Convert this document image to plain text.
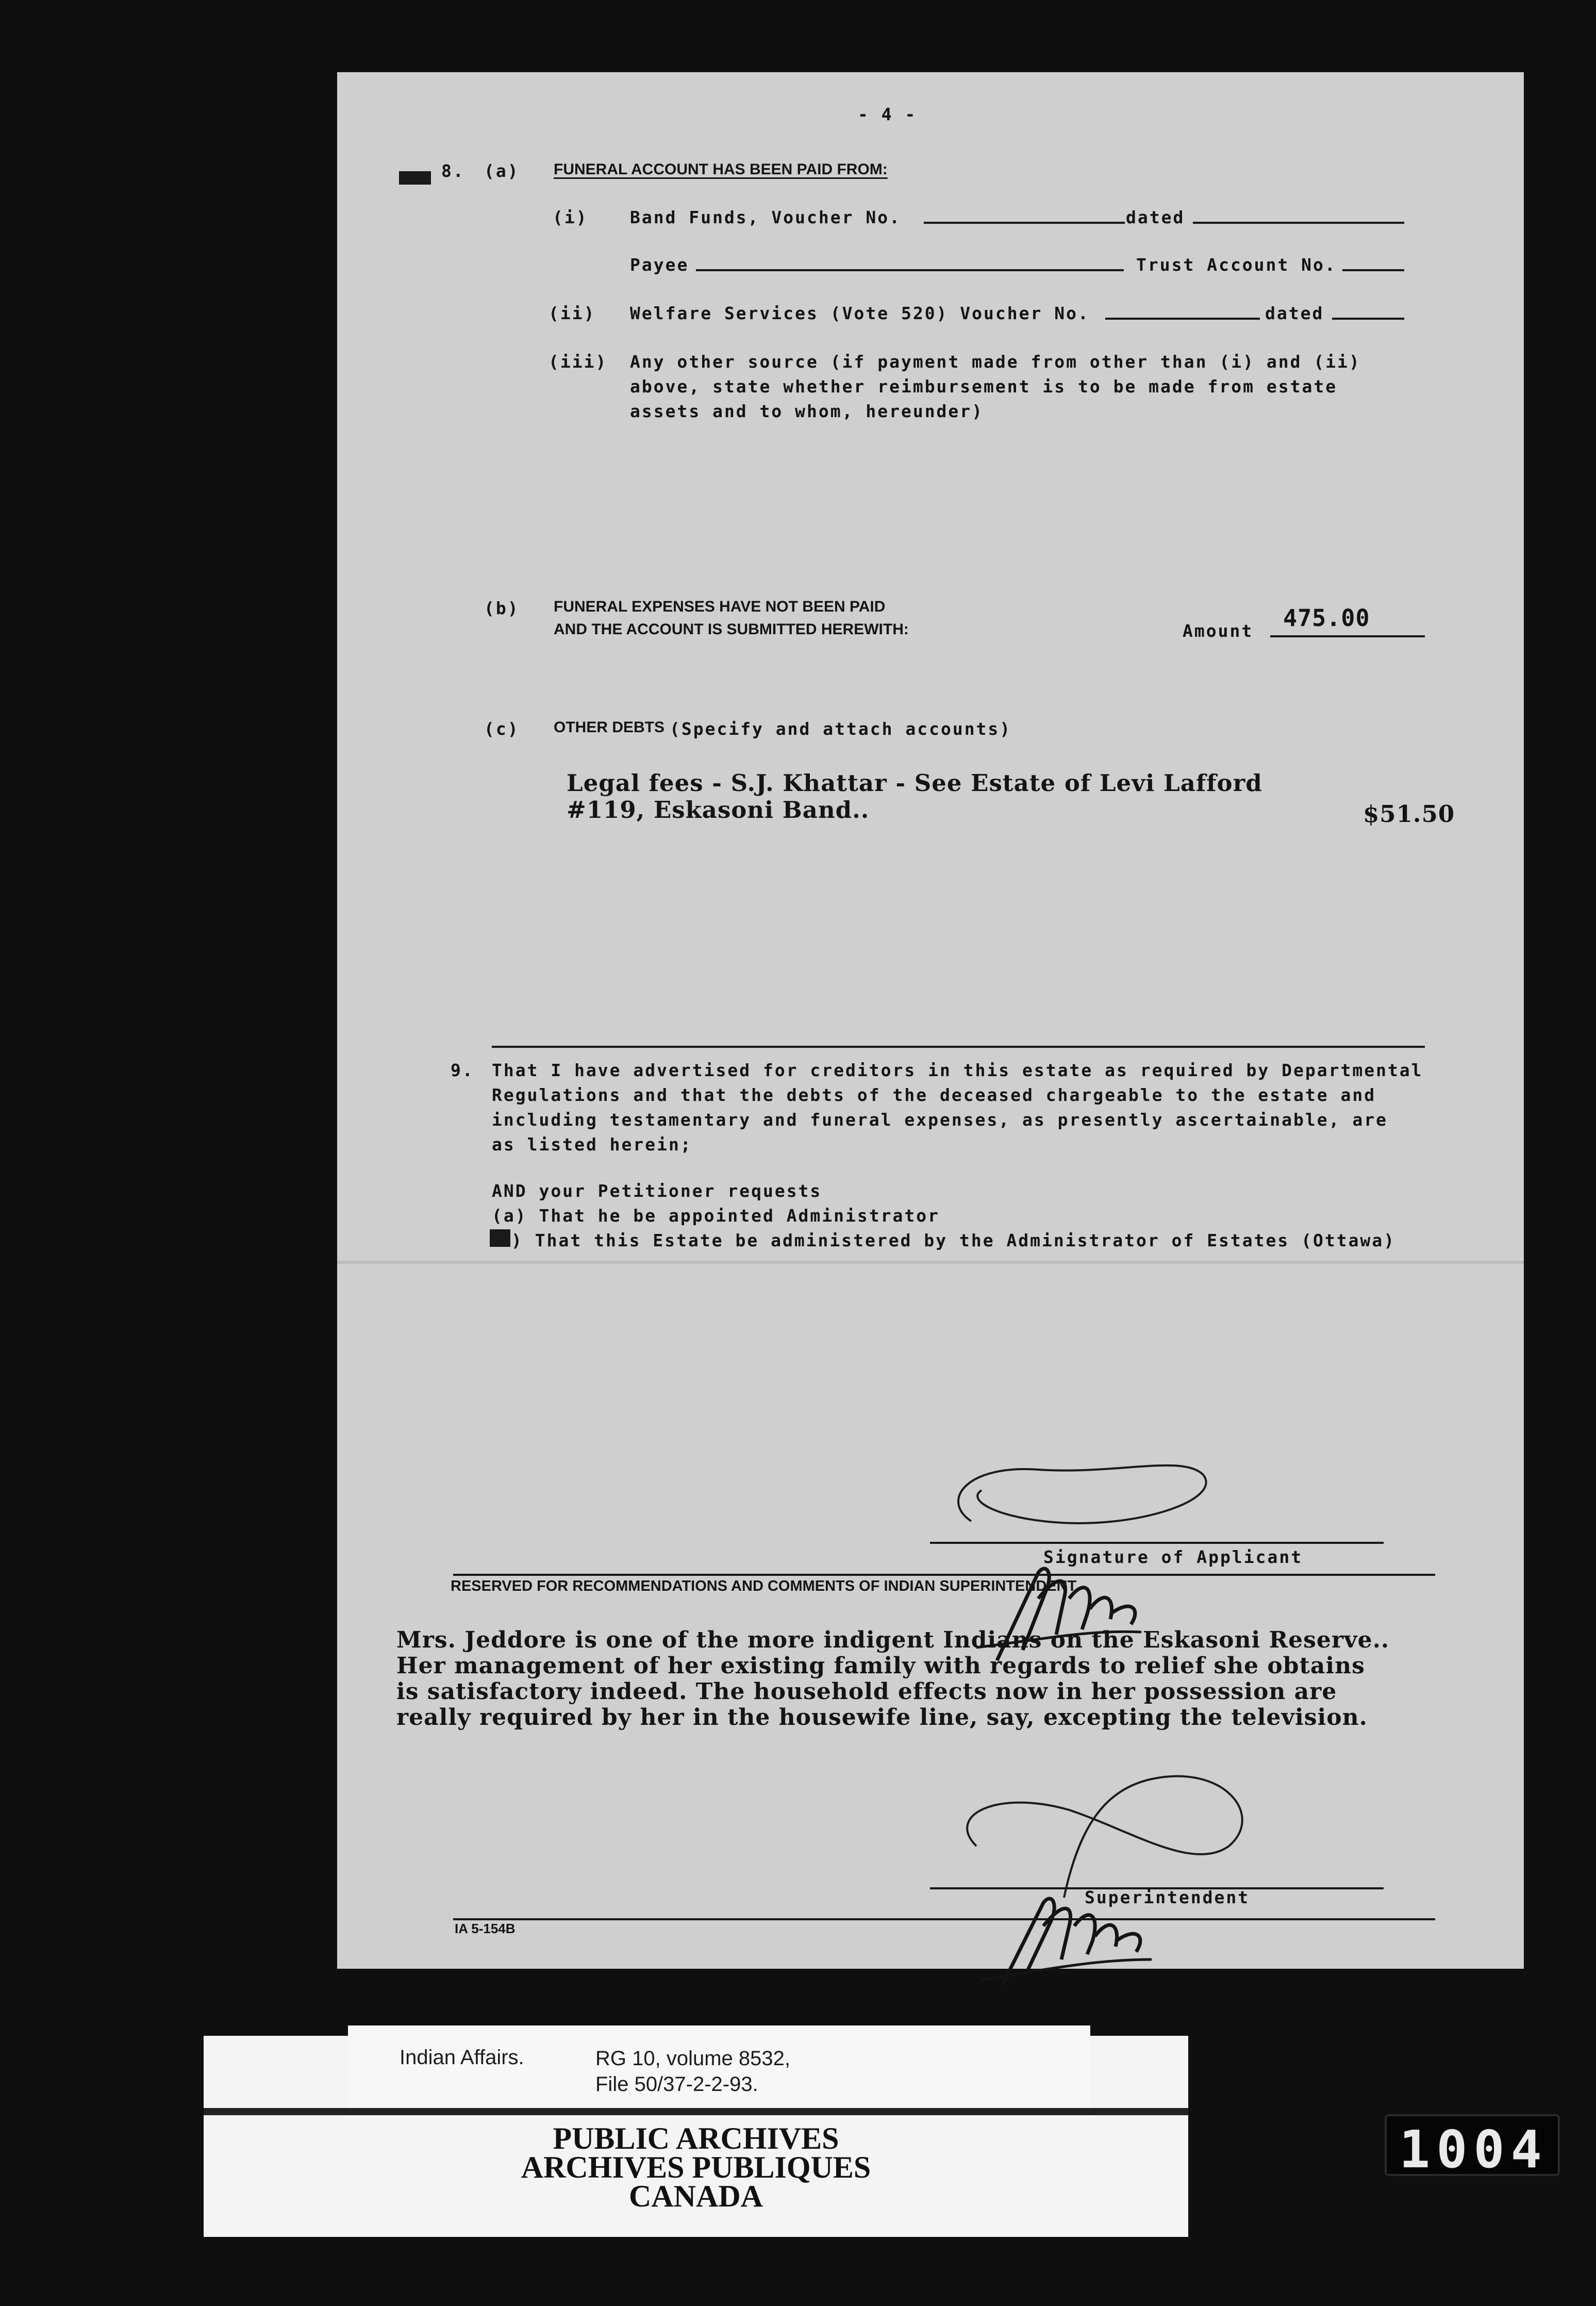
- 4 -
8. (a) FUNERAL ACCOUNT HAS BEEN PAID FROM:
(i) Band Funds, Voucher No.	dated
Payee	Trust Account No.
(ii) Welfare Services (Vote 520) Voucher No.	dated
(iii) Any other source (if payment made from other than (i) and (ii)
above, state whether reimbursement is to be made from estate
assets and to whom, hereunder)
(b) FUNERAL EXPENSES HAVE NOT BEEN PAID
AND THE ACCOUNT IS SUBMITTED HEREWITH:	Amount 475.00
(c) OTHER DEBTS (Specify and attach accounts)
Legal fees - S.J. Khattar - See Estate of Levi Lafford
#119, Eskasoni Band..	$51.50
9. That I have advertised for creditors in this estate as required by Departmental
Regulations and that the debts of the deceased chargeable to the estate and
including testamentary and funeral expenses, as presently ascertainable, are
as listed herein;
AND your Petitioner requests
(a) That he be appointed Administrator
) That this Estate be administered by the Administrator of Estates (Ottawa)
Signature of Applicant
RESERVED FOR RECOMMENDATIONS AND COMMENTS OF INDIAN SUPERINTENDENT
Mrs. Jeddore is one of the more indigent Indians on the Eskasoni Reserve..
Her management of her existing family with regards to relief she obtains
is satisfactory indeed. The household effects now in her possession are
really required by her in the housewife line, say, excepting the television.
Superintendent
IA 5-154B
Indian Affairs.	RG 10, volume 8532,
File 50/37-2-2-93.
PUBLIC ARCHIVES
ARCHIVES PUBLIQUES
CANADA
1004
